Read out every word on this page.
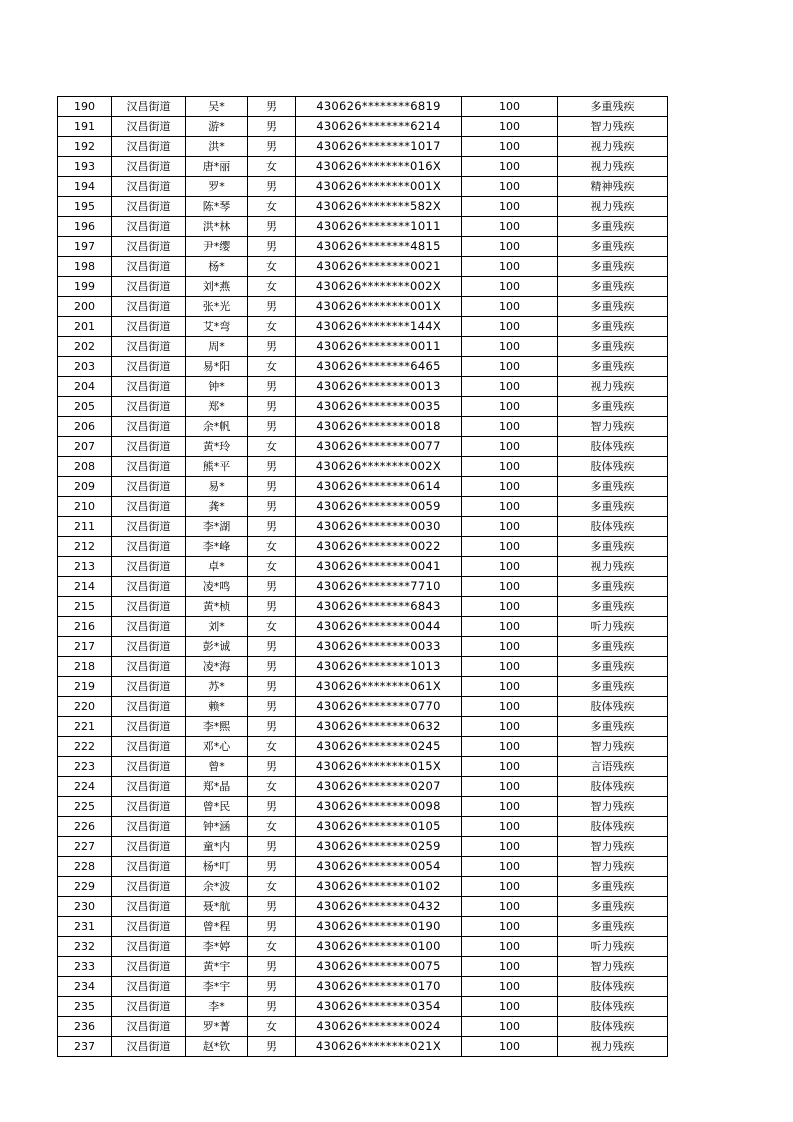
190	汉昌街道	吴*	男	430626********6819	100	多重残疾
191	汉昌街道	游*	男	430626********6214	100	智力残疾
192	汉昌街道	洪*	男	430626********1017	100	视力残疾
193	汉昌街道	唐*丽	女	430626********016X	100	视力残疾
194	汉昌街道	罗*	男	430626********001X	100	精神残疾
195	汉昌街道	陈*琴	女	430626********582X	100	视力残疾
196	汉昌街道	洪*林	男	430626********1011	100	多重残疾
197	汉昌街道	尹*缨	男	430626********4815	100	多重残疾
198	汉昌街道	杨*	女	430626********0021	100	多重残疾
199	汉昌街道	刘*燕	女	430626********002X	100	多重残疾
200	汉昌街道	张*光	男	430626********001X	100	多重残疾
201	汉昌街道	艾*弯	女	430626********144X	100	多重残疾
202	汉昌街道	周*	男	430626********0011	100	多重残疾
203	汉昌街道	易*阳	女	430626********6465	100	多重残疾
204	汉昌街道	钟*	男	430626********0013	100	视力残疾
205	汉昌街道	郑*	男	430626********0035	100	多重残疾
206	汉昌街道	余*帆	男	430626********0018	100	智力残疾
207	汉昌街道	黄*玲	女	430626********0077	100	肢体残疾
208	汉昌街道	熊*平	男	430626********002X	100	肢体残疾
209	汉昌街道	易*	男	430626********0614	100	多重残疾
210	汉昌街道	龚*	男	430626********0059	100	多重残疾
211	汉昌街道	李*湖	男	430626********0030	100	肢体残疾
212	汉昌街道	李*峰	女	430626********0022	100	多重残疾
213	汉昌街道	卓*	女	430626********0041	100	视力残疾
214	汉昌街道	凌*鸣	男	430626********7710	100	多重残疾
215	汉昌街道	黄*桢	男	430626********6843	100	多重残疾
216	汉昌街道	刘*	女	430626********0044	100	听力残疾
217	汉昌街道	彭*诚	男	430626********0033	100	多重残疾
218	汉昌街道	凌*海	男	430626********1013	100	多重残疾
219	汉昌街道	苏*	男	430626********061X	100	多重残疾
220	汉昌街道	赖*	男	430626********0770	100	肢体残疾
221	汉昌街道	李*熙	男	430626********0632	100	多重残疾
222	汉昌街道	邓*心	女	430626********0245	100	智力残疾
223	汉昌街道	曾*	男	430626********015X	100	言语残疾
224	汉昌街道	郑*晶	女	430626********0207	100	肢体残疾
225	汉昌街道	曾*民	男	430626********0098	100	智力残疾
226	汉昌街道	钟*涵	女	430626********0105	100	肢体残疾
227	汉昌街道	童*内	男	430626********0259	100	智力残疾
228	汉昌街道	杨*叮	男	430626********0054	100	智力残疾
229	汉昌街道	余*波	女	430626********0102	100	多重残疾
230	汉昌街道	聂*航	男	430626********0432	100	多重残疾
231	汉昌街道	曾*程	男	430626********0190	100	多重残疾
232	汉昌街道	李*婷	女	430626********0100	100	听力残疾
233	汉昌街道	黄*宇	男	430626********0075	100	智力残疾
234	汉昌街道	李*宇	男	430626********0170	100	肢体残疾
235	汉昌街道	李*	男	430626********0354	100	肢体残疾
236	汉昌街道	罗*菁	女	430626********0024	100	肢体残疾
237	汉昌街道	赵*钦	男	430626********021X	100	视力残疾
